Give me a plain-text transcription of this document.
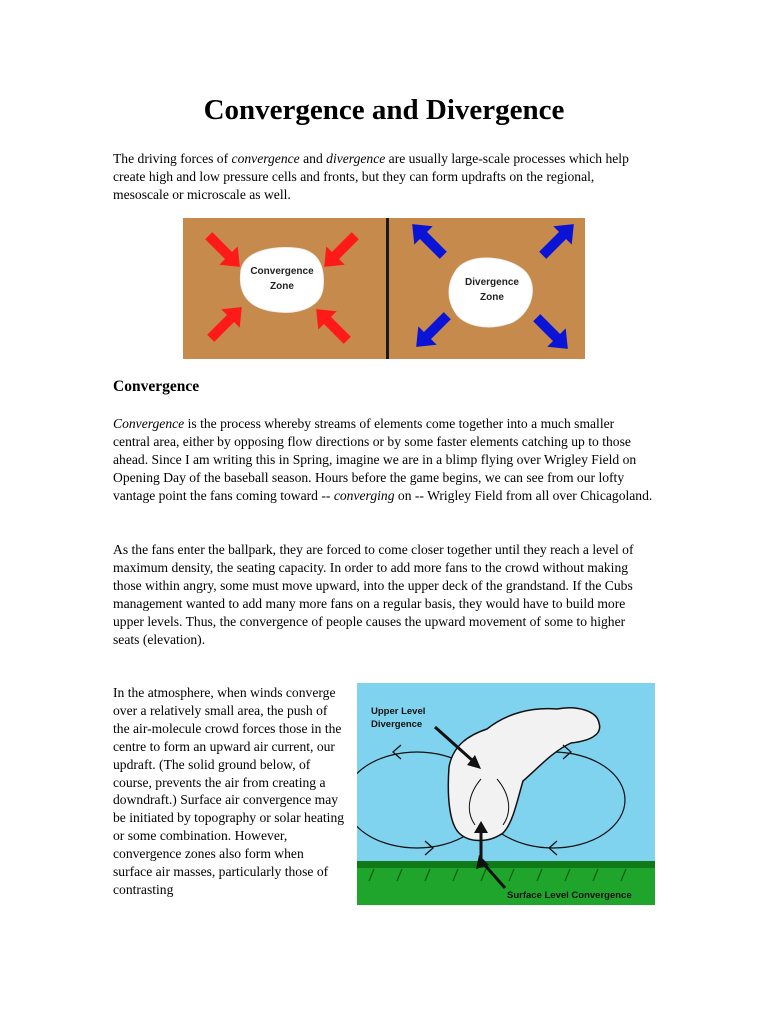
Convergence and Divergence

The driving forces of convergence and divergence are usually large-scale processes which help create high and low pressure cells and fronts, but they can form updrafts on the regional, mesoscale or microscale as well.

Convergence
Zone	Divergence
Zone
Convergence

Convergence is the process whereby streams of elements come together into a much smaller central area, either by opposing flow directions or by some faster elements catching up to those ahead. Since I am writing this in Spring, imagine we are in a blimp flying over Wrigley Field on Opening Day of the baseball season. Hours before the game begins, we can see from our lofty vantage point the fans coming toward -- converging on -- Wrigley Field from all over Chicagoland.

As the fans enter the ballpark, they are forced to come closer together until they reach a level of maximum density, the seating capacity. In order to add more fans to the crowd without making those within angry, some must move upward, into the upper deck of the grandstand. If the Cubs management wanted to add many more fans on a regular basis, they would have to build more upper levels. Thus, the convergence of people causes the upward movement of some to higher seats (elevation).

In the atmosphere, when winds converge over a relatively small area, the push of the air-molecule crowd forces those in the centre to form an upward air current, our updraft. (The solid ground below, of course, prevents the air from creating a downdraft.) Surface air convergence may be initiated by topography or solar heating or some combination. However, convergence zones also form when surface air masses, particularly those of contrasting

Upper Level
Divergence
Surface Level Convergence
